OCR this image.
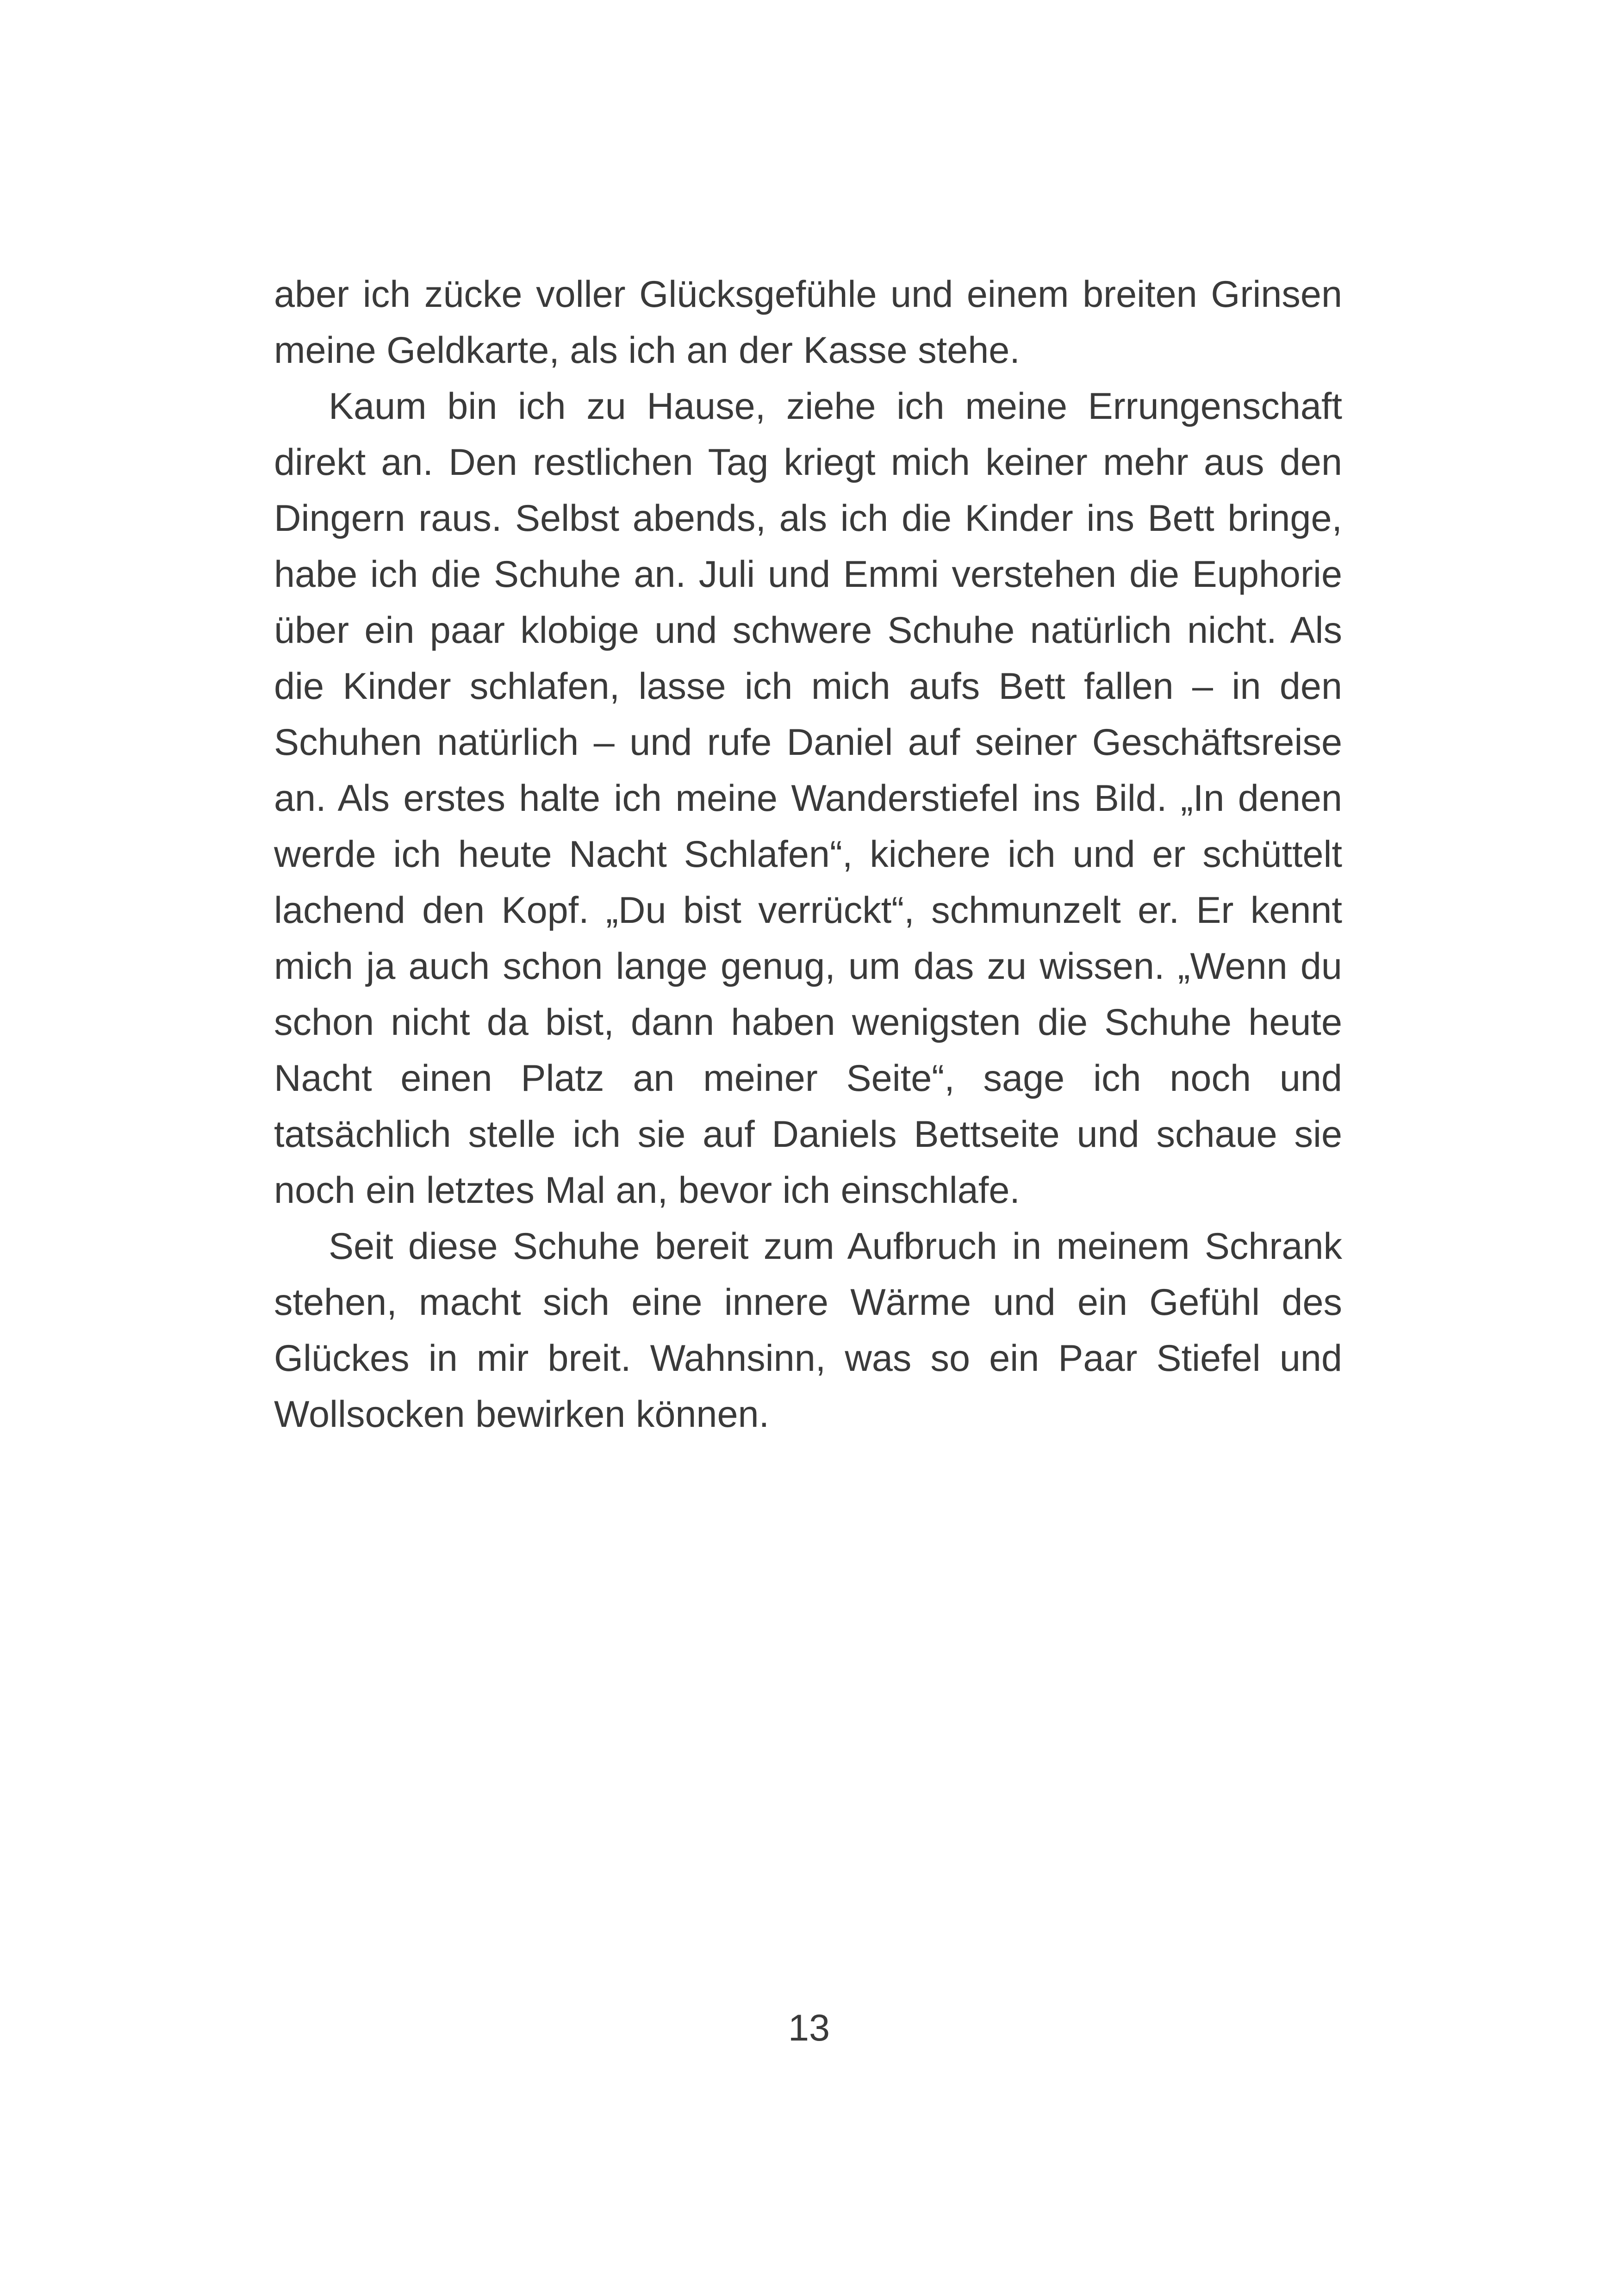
aber ich zücke voller Glücksgefühle und einem breiten Grinsen meine Geldkarte, als ich an der Kasse stehe.

Kaum bin ich zu Hause, ziehe ich meine Errungenschaft direkt an. Den restlichen Tag kriegt mich keiner mehr aus den Dingern raus. Selbst abends, als ich die Kinder ins Bett bringe, habe ich die Schuhe an. Juli und Emmi verstehen die Euphorie über ein paar klobige und schwere Schuhe natürlich nicht. Als die Kinder schlafen, lasse ich mich aufs Bett fallen – in den Schuhen natürlich – und rufe Daniel auf seiner Geschäftsreise an. Als erstes halte ich meine Wanderstiefel ins Bild. „In denen werde ich heute Nacht Schlafen“, kichere ich und er schüttelt lachend den Kopf. „Du bist verrückt“, schmunzelt er. Er kennt mich ja auch schon lange genug, um das zu wissen. „Wenn du schon nicht da bist, dann haben wenigsten die Schuhe heute Nacht einen Platz an meiner Seite“, sage ich noch und tatsächlich stelle ich sie auf Daniels Bettseite und schaue sie noch ein letztes Mal an, bevor ich einschlafe.

Seit diese Schuhe bereit zum Aufbruch in meinem Schrank stehen, macht sich eine innere Wärme und ein Gefühl des Glückes in mir breit. Wahnsinn, was so ein Paar Stiefel und Wollsocken bewirken können.

13
